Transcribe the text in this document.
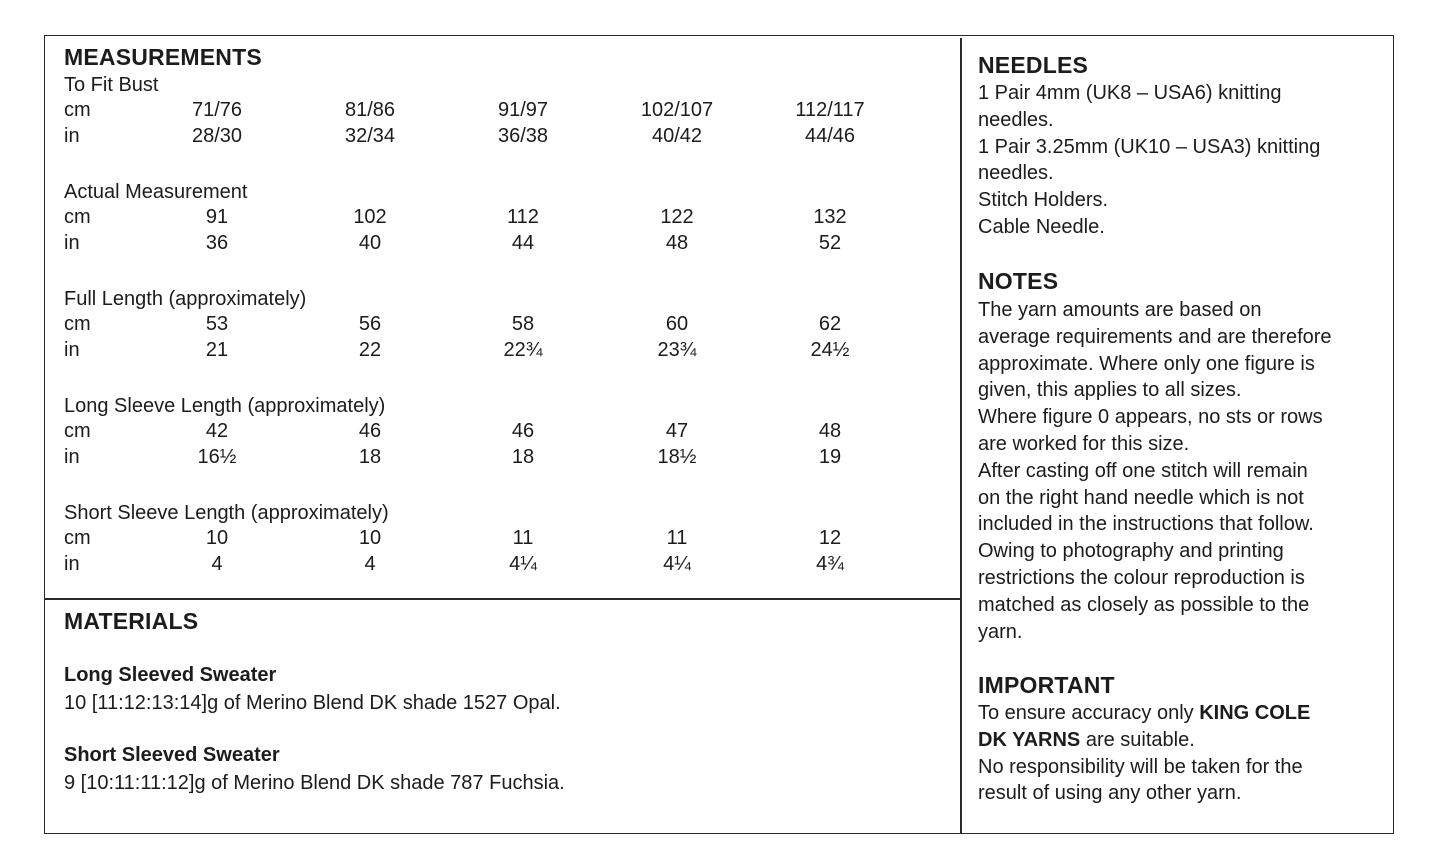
MEASUREMENTS
To Fit Bust
cm	71/76	81/86	91/97	102/107	112/117
in	28/30	32/34	36/38	40/42	44/46
Actual Measurement
cm	91	102	112	122	132
in	36	40	44	48	52
Full Length (approximately)
cm	53	56	58	60	62
in	21	22	22¾	23¾	24½
Long Sleeve Length (approximately)
cm	42	46	46	47	48
in	16½	18	18	18½	19
Short Sleeve Length (approximately)
cm	10	10	11	11	12
in	4	4	4¼	4¼	4¾
MATERIALS

Long Sleeved Sweater

10 [11:12:13:14]g of Merino Blend DK shade 1527 Opal.

Short Sleeved Sweater

9 [10:11:11:12]g of Merino Blend DK shade 787 Fuchsia.

NEEDLES
1 Pair 4mm (UK8 – USA6) knitting
needles.
1 Pair 3.25mm (UK10 – USA3) knitting
needles.
Stitch Holders.
Cable Needle.
NOTES
The yarn amounts are based on
average requirements and are therefore
approximate. Where only one figure is
given, this applies to all sizes.
Where figure 0 appears, no sts or rows
are worked for this size.
After casting off one stitch will remain
on the right hand needle which is not
included in the instructions that follow.
Owing to photography and printing
restrictions the colour reproduction is
matched as closely as possible to the
yarn.
IMPORTANT
To ensure accuracy only KING COLE
DK YARNS are suitable.
No responsibility will be taken for the
result of using any other yarn.
